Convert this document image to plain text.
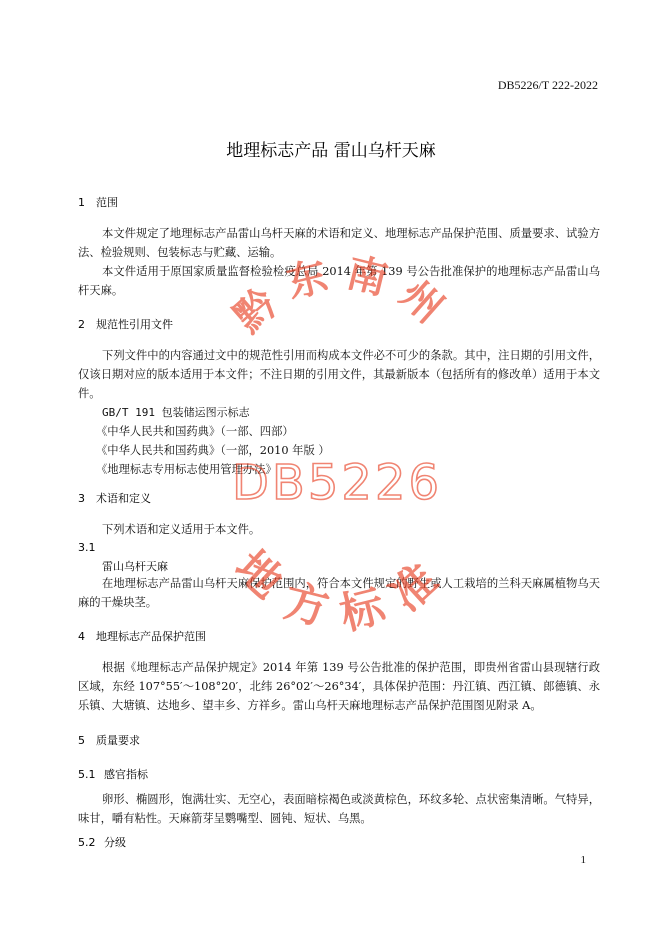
DB5226/T 222-2022
地理标志产品 雷山乌杆天麻
1 范围

本文件规定了地理标志产品雷山乌杆天麻的术语和定义、地理标志产品保护范围、质量要求、试验方法、检验规则、包装标志与贮藏、运输。

本文件适用于原国家质量监督检验检疫总局 2014 年第 139 号公告批准保护的地理标志产品雷山乌杆天麻。

2 规范性引用文件

下列文件中的内容通过文中的规范性引用而构成本文件必不可少的条款。其中，注日期的引用文件，仅该日期对应的版本适用于本文件；不注日期的引用文件，其最新版本（包括所有的修改单）适用于本文件。

GB/T 191 包装储运图示标志
《中华人民共和国药典》（一部、四部）
《中华人民共和国药典》（一部，2010 年版 ）
《地理标志专用标志使用管理办法》
3 术语和定义

下列术语和定义适用于本文件。

3.1
雷山乌杆天麻

在地理标志产品雷山乌杆天麻保护范围内，符合本文件规定的野生或人工栽培的兰科天麻属植物乌天麻的干燥块茎。

4 地理标志产品保护范围

根据《地理标志产品保护规定》2014 年第 139 号公告批准的保护范围，即贵州省雷山县现辖行政区域，东经 107°55′～108°20′，北纬 26°02′～26°34′，具体保护范围：丹江镇、西江镇、郎德镇、永乐镇、大塘镇、达地乡、望丰乡、方祥乡。雷山乌杆天麻地理标志产品保护范围图见附录 A。

5 质量要求
5.1 感官指标

卵形、椭圆形，饱满壮实、无空心，表面暗棕褐色或淡黄棕色，环纹多轮、点状密集清晰。气特异，味甘，嚼有粘性。天麻箭芽呈鹦嘴型、圆钝、短状、乌黑。

5.2 分级
1
黔东南州
DB5226
地方标准
